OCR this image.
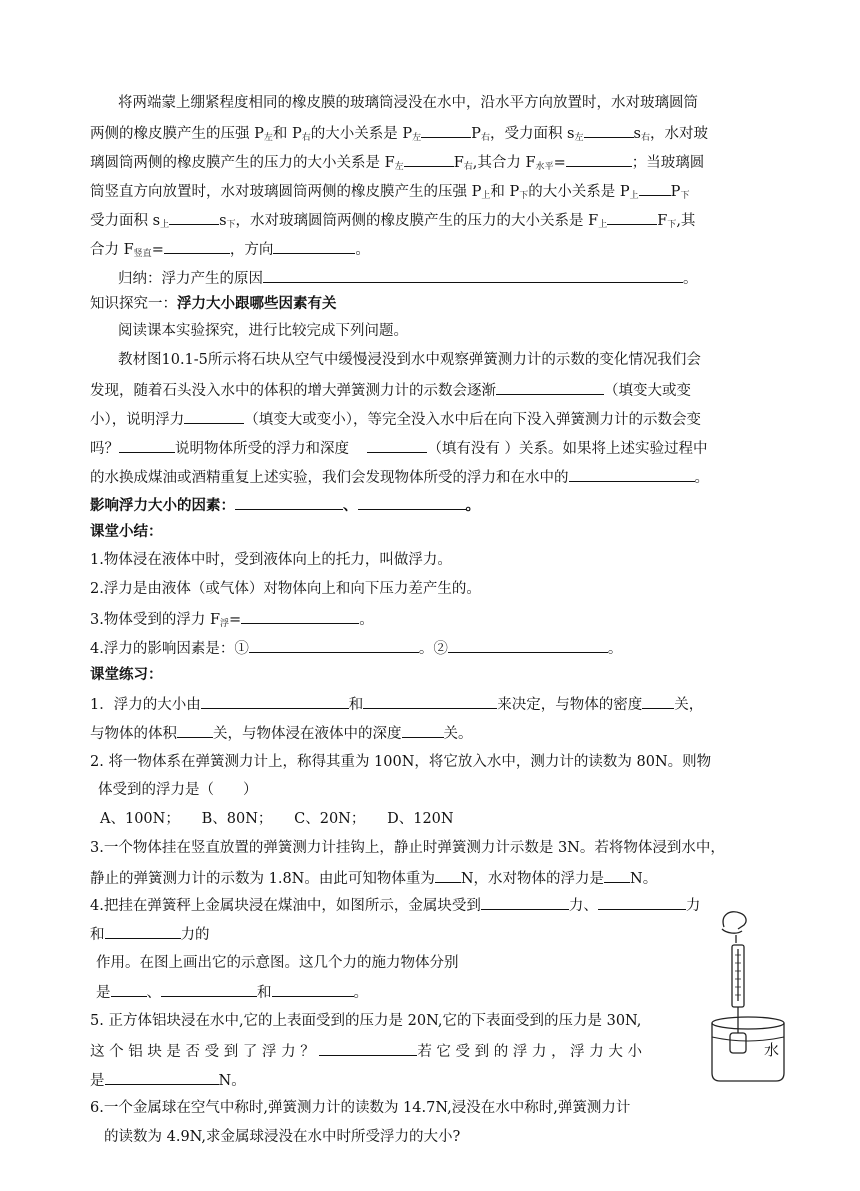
将两端蒙上绷紧程度相同的橡皮膜的玻璃筒浸没在水中，沿水平方向放置时，水对玻璃圆筒
两侧的橡皮膜产生的压强 $P_左$和 $P_右$的大小关系是 $P_左$	$P_右$，受力面积 $s_左$	$s_右$，水对玻
璃圆筒两侧的橡皮膜产生的压力的大小关系是 $F_左$	$F_右$,其合力 $F_{水平}=$	；当玻璃圆
筒竖直方向放置时，水对玻璃圆筒两侧的橡皮膜产生的压强 $P_上$和 $P_下$的大小关系是 $P_上$ $P_下$
受力面积 $s_上$	$s_下$，水对玻璃圆筒两侧的橡皮膜产生的压力的大小关系是 $F_上$	$F_下$,其
合力 $F_{竖直}=$	，方向	。
归纳：浮力产生的原因	。
知识探究一：浮力大小跟哪些因素有关
阅读课本实验探究，进行比较完成下列问题。
教材图10.1-5所示将石块从空气中缓慢浸没到水中观察弹簧测力计的示数的变化情况我们会
发现，随着石头没入水中的体积的增大弹簧测力计的示数会逐渐	（填变大或变
小），说明浮力	（填变大或变小），等完全没入水中后在向下没入弹簧测力计的示数会变
吗？	说明物体所受的浮力和深度	（填有没有 ）关系。如果将上述实验过程中
的水换成煤油或酒精重复上述实验，我们会发现物体所受的浮力和在水中的	。
影响浮力大小的因素：	、	。
课堂小结：
1.物体浸在液体中时，受到液体向上的托力，叫做浮力。
2.浮力是由液体（或气体）对物体向上和向下压力差产生的。
3.物体受到的浮力 $F_浮=$	。
4.浮力的影响因素是：①	。②	。
课堂练习：
1．浮力的大小由	和	来决定，与物体的密度 关，
与物体的体积 关，与物体浸在液体中的深度	关。
2. 将一物体系在弹簧测力计上，称得其重为 100N，将它放入水中，测力计的读数为 80N。则物
体受到的浮力是（　　）
A、100N；　　B、80N；　　C、20N；　　D、120N
3.一个物体挂在竖直放置的弹簧测力计挂钩上，静止时弹簧测力计示数是 3N。若将物体浸到水中，
静止的弹簧测力计的示数为 1.8N。由此可知物体重为 N，水对物体的浮力是 N。
4.把挂在弹簧秤上金属块浸在煤油中，如图所示，金属块受到	力、	力
和	力的
作用。在图上画出它的示意图。这几个力的施力物体分别
是 、	和	。
5. 正方体铝块浸在水中,它的上表面受到的压力是 20N,它的下表面受到的压力是 30N,
这 个 铝 块 是 否 受 到 了 浮 力 ？	若 它 受 到 的 浮 力 ， 浮 力 大 小
是	N。
6.一个金属球在空气中称时,弹簧测力计的读数为 14.7N,浸没在水中称时,弹簧测力计
的读数为 4.9N,求金属球浸没在水中时所受浮力的大小?
水
